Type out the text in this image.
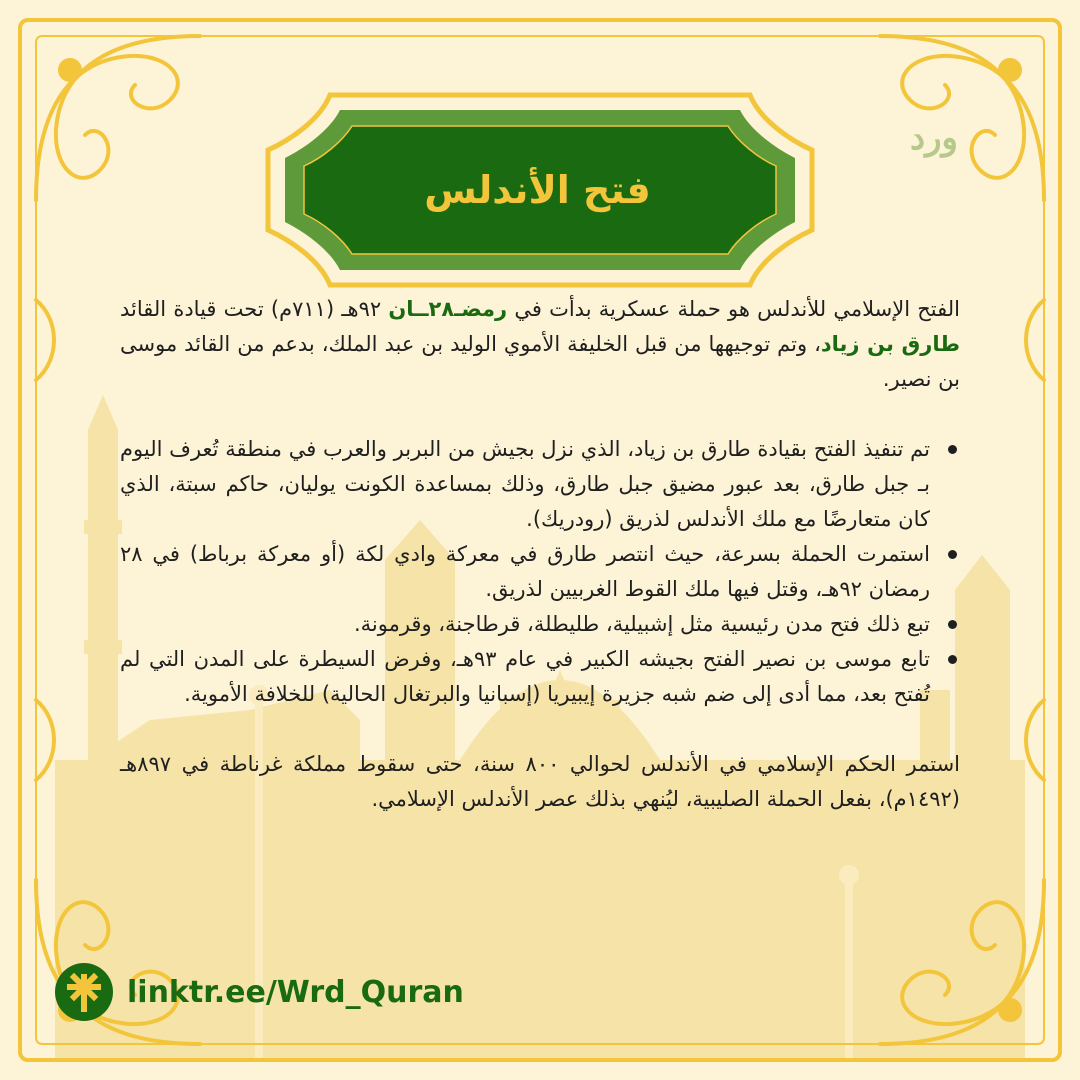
فتح الأندلس
ورد

الفتح الإسلامي للأندلس هو حملة عسكرية بدأت في رمضـ٢٨ــان ٩٢هـ (٧١١م) تحت قيادة القائد طارق بن زياد، وتم توجيهها من قبل الخليفة الأموي الوليد بن عبد الملك، بدعم من القائد موسى بن نصير.

تم تنفيذ الفتح بقيادة طارق بن زياد، الذي نزل بجيش من البربر والعرب في منطقة تُعرف اليوم بـ جبل طارق، بعد عبور مضيق جبل طارق، وذلك بمساعدة الكونت يوليان، حاكم سبتة، الذي كان متعارضًا مع ملك الأندلس لذريق (رودريك).
استمرت الحملة بسرعة، حيث انتصر طارق في معركة وادي لكة (أو معركة برباط) في ٢٨ رمضان ٩٢هـ، وقتل فيها ملك القوط الغربيين لذريق.
تبع ذلك فتح مدن رئيسية مثل إشبيلية، طليطلة، قرطاجنة، وقرمونة.
تابع موسى بن نصير الفتح بجيشه الكبير في عام ٩٣هـ، وفرض السيطرة على المدن التي لم تُفتح بعد، مما أدى إلى ضم شبه جزيرة إيبيريا (إسبانيا والبرتغال الحالية) للخلافة الأموية.

استمر الحكم الإسلامي في الأندلس لحوالي ٨٠٠ سنة، حتى سقوط مملكة غرناطة في ٨٩٧هـ (١٤٩٢م)، بفعل الحملة الصليبية، ليُنهي بذلك عصر الأندلس الإسلامي.

linktr.ee/Wrd_Quran
